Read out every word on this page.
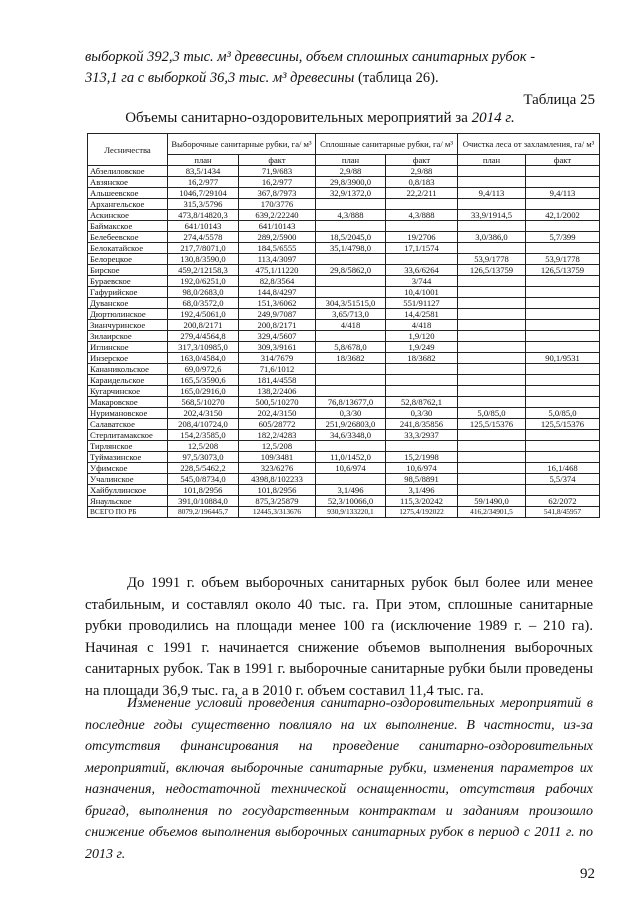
выборкой 392,3 тыс. м³ древесины, объем сплошных санитарных рубок -
313,1 га с выборкой 36,3 тыс. м³ древесины (таблица 26).
Таблица 25
Объемы санитарно-оздоровительных мероприятий за 2014 г.
Лесничества	Выборочные санитарные рубки, га/ м³		Сплошные санитарные рубки, га/ м³		Очистка леса от захламления, га/ м³	
	план	факт	план	факт	план	факт
Абзелиловское	83,5/1434	71,9/683	2,9/88	2,9/88		
Авзянское	16,2/977	16,2/977	29,8/3900,0	0,8/183		
Альшеевское	1046,7/29104	367,8/7973	32,9/1372,0	22,2/211	9,4/113	9,4/113
Архангельское	315,3/5796	170/3776				
Аскинское	473,8/14820,3	639,2/22240	4,3/888	4,3/888	33,9/1914,5	42,1/2002
Баймакское	641/10143	641/10143				
Белебеевское	274,4/5578	289,2/5900	18,5/2045,0	19/2706	3,0/386,0	5,7/399
Белокатайское	217,7/8071,0	184,5/6555	35,1/4798,0	17,1/1574		
Белорецкое	130,8/3590,0	113,4/3097			53,9/1778	53,9/1778
Бирское	459,2/12158,3	475,1/11220	29,8/5862,0	33,6/6264	126,5/13759	126,5/13759
Бураевское	192,0/6251,0	82,8/3564		3/744		
Гафурийское	98,0/2683,0	144,8/4297		10,4/1001		
Дуванское	68,0/3572,0	151,3/6062	304,3/51515,0	551/91127		
Дюртюлинское	192,4/5061,0	249,9/7087	3,65/713,0	14,4/2581		
Зианчуринское	200,8/2171	200,8/2171	4/418	4/418		
Зилаирское	279,4/4564,8	329,4/5607		1,9/120		
Иглинское	317,3/10985,0	309,3/9161	5,8/678,0	1,9/249		
Инзерское	163,0/4584,0	314/7679	18/3682	18/3682		90,1/9531
Кананикольское	69,0/972,6	71,6/1012				
Караидельское	165,5/3590,6	181,4/4558				
Кугарчинское	165,0/2916,0	138,2/2406				
Макаровское	568,5/10270	500,5/10270	76,8/13677,0	52,8/8762,1		
Нуримановское	202,4/3150	202,4/3150	0,3/30	0,3/30	5,0/85,0	5,0/85,0
Салаватское	208,4/10724,0	605/28772	251,9/26803,0	241,8/35856	125,5/15376	125,5/15376
Стерлитамакское	154,2/3585,0	182,2/4283	34,6/3348,0	33,3/2937		
Тирлянское	12,5/208	12,5/208				
Туймазинское	97,5/3073,0	109/3481	11,0/1452,0	15,2/1998		
Уфимское	228,5/5462,2	323/6276	10,6/974	10,6/974		16,1/468
Учалинское	545,0/8734,0	4398,8/102233		98,5/8891		5,5/374
Хайбуллинское	101,8/2956	101,8/2956	3,1/496	3,1/496		
Янаульское	391,0/10884,0	875,3/25879	52,3/10066,0	115,3/20242	59/1490,0	62/2072
ВСЕГО ПО РБ	8079,2/196445,7	12445,3/313676	930,9/133220,1	1275,4/192022	416,2/34901,5	541,8/45957
До 1991 г. объем выборочных санитарных рубок был более или менее стабильным, и составлял около 40 тыс. га. При этом, сплошные санитарные рубки проводились на площади менее 100 га (исключение 1989 г. – 210 га). Начиная с 1991 г. начинается снижение объемов выполнения выборочных санитарных рубок. Так в 1991 г. выборочные санитарные рубки были проведены на площади 36,9 тыс. га, а в 2010 г. объем составил 11,4 тыс. га.
Изменение условий проведения санитарно-оздоровительных мероприятий в последние годы существенно повлияло на их выполнение. В частности, из-за отсутствия финансирования на проведение санитарно-оздоровительных мероприятий, включая выборочные санитарные рубки, изменения параметров их назначения, недостаточной технической оснащенности, отсутствия рабочих бригад, выполнения по государственным контрактам и заданиям произошло снижение объемов выполнения выборочных санитарных рубок в период с 2011 г. по 2013 г.
92
